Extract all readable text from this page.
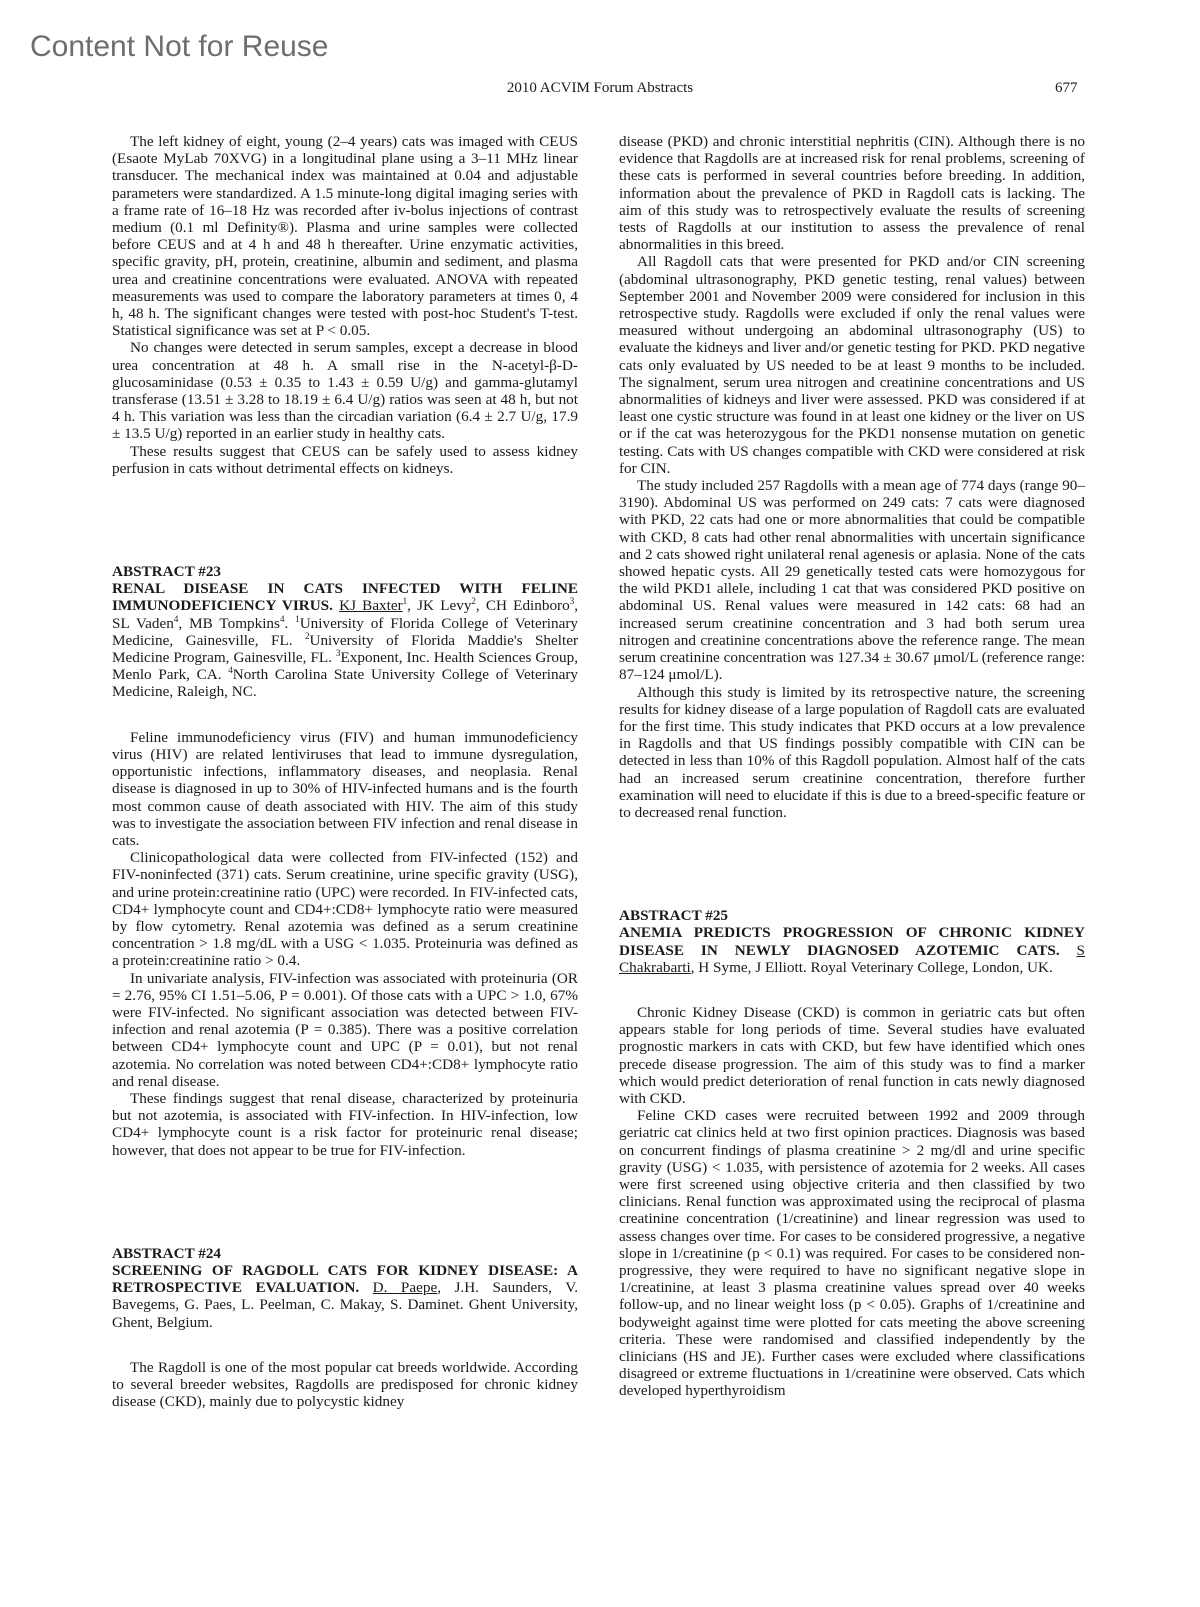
Content Not for Reuse
2010 ACVIM Forum Abstracts	677

The left kidney of eight, young (2–4 years) cats was imaged with CEUS (Esaote MyLab 70XVG) in a longitudinal plane using a 3–11 MHz linear transducer. The mechanical index was maintained at 0.04 and adjustable parameters were standardized. A 1.5 minute-long digital imaging series with a frame rate of 16–18 Hz was recorded after iv-bolus injections of contrast medium (0.1 ml Definity®). Plasma and urine samples were collected before CEUS and at 4 h and 48 h thereafter. Urine enzymatic activities, specific gravity, pH, protein, creatinine, albumin and sediment, and plasma urea and creatinine concentrations were evaluated. ANOVA with repeated measurements was used to compare the laboratory parameters at times 0, 4 h, 48 h. The significant changes were tested with post-hoc Student's T-test. Statistical significance was set at P < 0.05.

No changes were detected in serum samples, except a decrease in blood urea concentration at 48 h. A small rise in the N-acetyl-β-D-glucosaminidase (0.53 ± 0.35 to 1.43 ± 0.59 U/g) and gamma-glutamyl transferase (13.51 ± 3.28 to 18.19 ± 6.4 U/g) ratios was seen at 48 h, but not 4 h. This variation was less than the circadian variation (6.4 ± 2.7 U/g, 17.9 ± 13.5 U/g) reported in an earlier study in healthy cats.

These results suggest that CEUS can be safely used to assess kidney perfusion in cats without detrimental effects on kidneys.

ABSTRACT #23
RENAL DISEASE IN CATS INFECTED WITH FELINE IMMUNODEFICIENCY VIRUS. KJ Baxter$^1$, JK Levy$^2$, CH Edinboro$^3$, SL Vaden$^4$, MB Tompkins$^4$. $^1$University of Florida College of Veterinary Medicine, Gainesville, FL. $^2$University of Florida Maddie's Shelter Medicine Program, Gainesville, FL. $^3$Exponent, Inc. Health Sciences Group, Menlo Park, CA. $^4$North Carolina State University College of Veterinary Medicine, Raleigh, NC.

Feline immunodeficiency virus (FIV) and human immunodeficiency virus (HIV) are related lentiviruses that lead to immune dysregulation, opportunistic infections, inflammatory diseases, and neoplasia. Renal disease is diagnosed in up to 30% of HIV-infected humans and is the fourth most common cause of death associated with HIV. The aim of this study was to investigate the association between FIV infection and renal disease in cats.

Clinicopathological data were collected from FIV-infected (152) and FIV-noninfected (371) cats. Serum creatinine, urine specific gravity (USG), and urine protein:creatinine ratio (UPC) were recorded. In FIV-infected cats, CD4+ lymphocyte count and CD4+:CD8+ lymphocyte ratio were measured by flow cytometry. Renal azotemia was defined as a serum creatinine concentration > 1.8 mg/dL with a USG < 1.035. Proteinuria was defined as a protein:creatinine ratio > 0.4.

In univariate analysis, FIV-infection was associated with proteinuria (OR = 2.76, 95% CI 1.51–5.06, P = 0.001). Of those cats with a UPC > 1.0, 67% were FIV-infected. No significant association was detected between FIV-infection and renal azotemia (P = 0.385). There was a positive correlation between CD4+ lymphocyte count and UPC (P = 0.01), but not renal azotemia. No correlation was noted between CD4+:CD8+ lymphocyte ratio and renal disease.

These findings suggest that renal disease, characterized by proteinuria but not azotemia, is associated with FIV-infection. In HIV-infection, low CD4+ lymphocyte count is a risk factor for proteinuric renal disease; however, that does not appear to be true for FIV-infection.

ABSTRACT #24
SCREENING OF RAGDOLL CATS FOR KIDNEY DISEASE: A RETROSPECTIVE EVALUATION. D. Paepe, J.H. Saunders, V. Bavegems, G. Paes, L. Peelman, C. Makay, S. Daminet. Ghent University, Ghent, Belgium.

The Ragdoll is one of the most popular cat breeds worldwide. According to several breeder websites, Ragdolls are predisposed for chronic kidney disease (CKD), mainly due to polycystic kidney

disease (PKD) and chronic interstitial nephritis (CIN). Although there is no evidence that Ragdolls are at increased risk for renal problems, screening of these cats is performed in several countries before breeding. In addition, information about the prevalence of PKD in Ragdoll cats is lacking. The aim of this study was to retrospectively evaluate the results of screening tests of Ragdolls at our institution to assess the prevalence of renal abnormalities in this breed.

All Ragdoll cats that were presented for PKD and/or CIN screening (abdominal ultrasonography, PKD genetic testing, renal values) between September 2001 and November 2009 were considered for inclusion in this retrospective study. Ragdolls were excluded if only the renal values were measured without undergoing an abdominal ultrasonography (US) to evaluate the kidneys and liver and/or genetic testing for PKD. PKD negative cats only evaluated by US needed to be at least 9 months to be included. The signalment, serum urea nitrogen and creatinine concentrations and US abnormalities of kidneys and liver were assessed. PKD was considered if at least one cystic structure was found in at least one kidney or the liver on US or if the cat was heterozygous for the PKD1 nonsense mutation on genetic testing. Cats with US changes compatible with CKD were considered at risk for CIN.

The study included 257 Ragdolls with a mean age of 774 days (range 90–3190). Abdominal US was performed on 249 cats: 7 cats were diagnosed with PKD, 22 cats had one or more abnormalities that could be compatible with CKD, 8 cats had other renal abnormalities with uncertain significance and 2 cats showed right unilateral renal agenesis or aplasia. None of the cats showed hepatic cysts. All 29 genetically tested cats were homozygous for the wild PKD1 allele, including 1 cat that was considered PKD positive on abdominal US. Renal values were measured in 142 cats: 68 had an increased serum creatinine concentration and 3 had both serum urea nitrogen and creatinine concentrations above the reference range. The mean serum creatinine concentration was 127.34 ± 30.67 μmol/L (reference range: 87–124 μmol/L).

Although this study is limited by its retrospective nature, the screening results for kidney disease of a large population of Ragdoll cats are evaluated for the first time. This study indicates that PKD occurs at a low prevalence in Ragdolls and that US findings possibly compatible with CIN can be detected in less than 10% of this Ragdoll population. Almost half of the cats had an increased serum creatinine concentration, therefore further examination will need to elucidate if this is due to a breed-specific feature or to decreased renal function.

ABSTRACT #25
ANEMIA PREDICTS PROGRESSION OF CHRONIC KIDNEY DISEASE IN NEWLY DIAGNOSED AZOTEMIC CATS. S Chakrabarti, H Syme, J Elliott. Royal Veterinary College, London, UK.

Chronic Kidney Disease (CKD) is common in geriatric cats but often appears stable for long periods of time. Several studies have evaluated prognostic markers in cats with CKD, but few have identified which ones precede disease progression. The aim of this study was to find a marker which would predict deterioration of renal function in cats newly diagnosed with CKD.

Feline CKD cases were recruited between 1992 and 2009 through geriatric cat clinics held at two first opinion practices. Diagnosis was based on concurrent findings of plasma creatinine > 2 mg/dl and urine specific gravity (USG) < 1.035, with persistence of azotemia for 2 weeks. All cases were first screened using objective criteria and then classified by two clinicians. Renal function was approximated using the reciprocal of plasma creatinine concentration (1/creatinine) and linear regression was used to assess changes over time. For cases to be considered progressive, a negative slope in 1/creatinine (p < 0.1) was required. For cases to be considered non-progressive, they were required to have no significant negative slope in 1/creatinine, at least 3 plasma creatinine values spread over 40 weeks follow-up, and no linear weight loss (p < 0.05). Graphs of 1/creatinine and bodyweight against time were plotted for cats meeting the above screening criteria. These were randomised and classified independently by the clinicians (HS and JE). Further cases were excluded where classifications disagreed or extreme fluctuations in 1/creatinine were observed. Cats which developed hyperthyroidism
